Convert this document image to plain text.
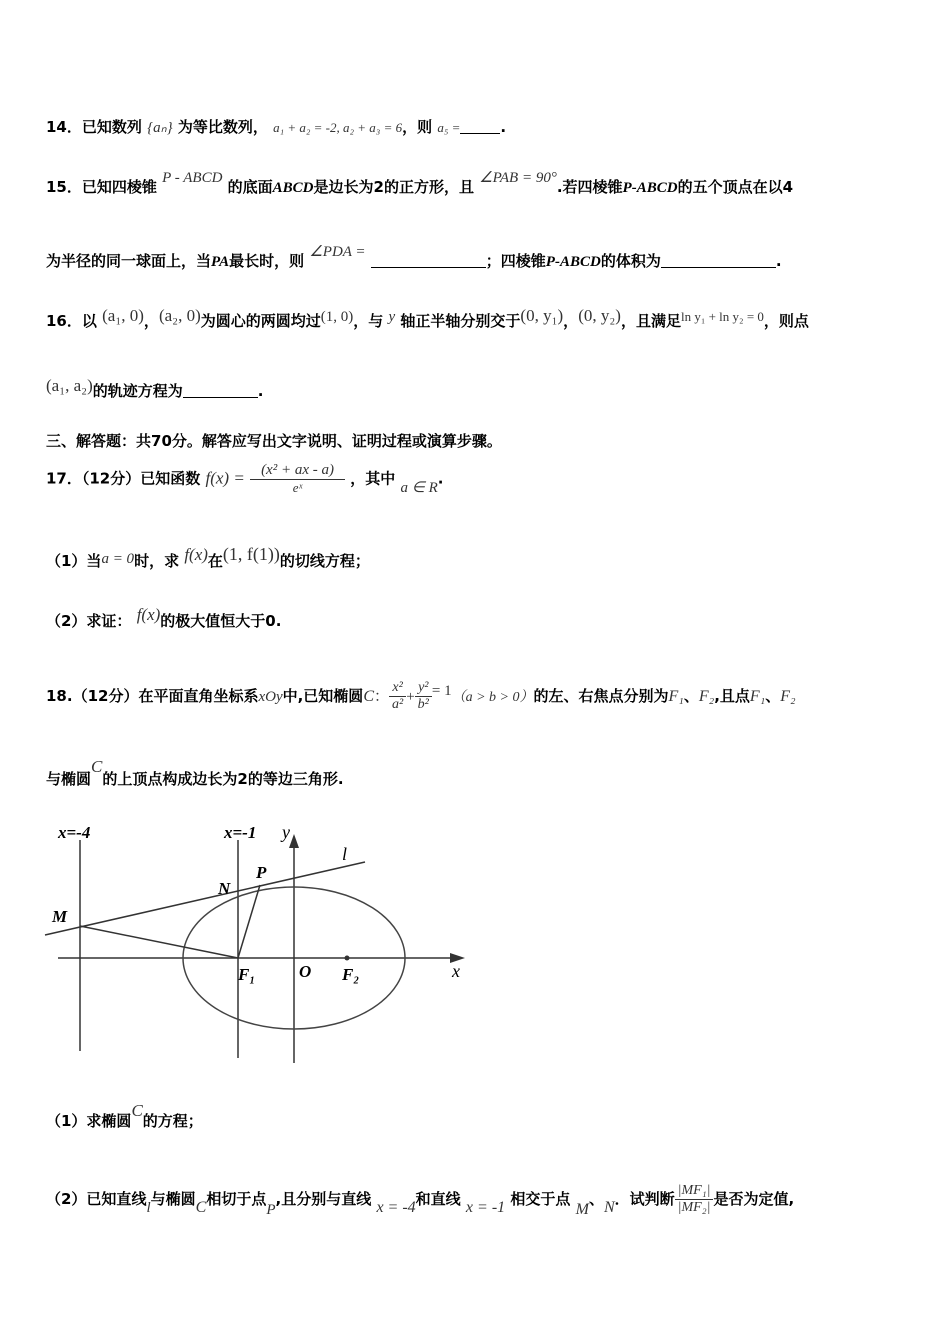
14．已知数列 {aₙ} 为等比数列， a₁ + a₂ = -2, a₂ + a₃ = 6，则 a₅ =	.
15．已知四棱锥 P - ABCD 的底面ABCD是边长为2的正方形，且 ∠PAB = 90°.若四棱锥P-ABCD的五个顶点在以4
为半径的同一球面上，当PA最长时，则 ∠PDA =	；四棱锥P-ABCD的体积为	.
16．以 (a₁, 0)，(a₂, 0)为圆心的两圆均过(1, 0)，与 y 轴正半轴分别交于(0, y₁)，(0, y₂)，且满足ln y₁ + ln y₂ = 0，则点
(a₁, a₂)的轨迹方程为	.
三、解答题：共70分。解答应写出文字说明、证明过程或演算步骤。
17．（12分）已知函数 $f(x) = \frac{\text{(x² + ax - a)}}{\text{eˣ}}$ ，其中 a ∈ R.
（1）当a = 0时，求 f(x)在(1, f(1))的切线方程；
（2）求证： f(x)的极大值恒大于0.
18.（12分）在平面直角坐标系xOy中,已知椭圆C： $\frac{\text{x²}}{\text{a²}} + \frac{\text{y²}}{\text{b²}} = 1(a > b > 0)$的左、右焦点分别为F₁、F₂,且点F₁、F₂
与椭圆C的上顶点构成边长为2的等边三角形.
x=-4	x=-1 y
l
N
P
M
F₁	O F₂	x
（1）求椭圆C的方程；
（2）已知直线l与椭圆C相切于点P,且分别与直线 x = -4和直线 x = -1 相交于点 M、N．试判断 $\frac{\text{|MF₁|}}{\text{|MF₂|}}$ 是否为定值,
